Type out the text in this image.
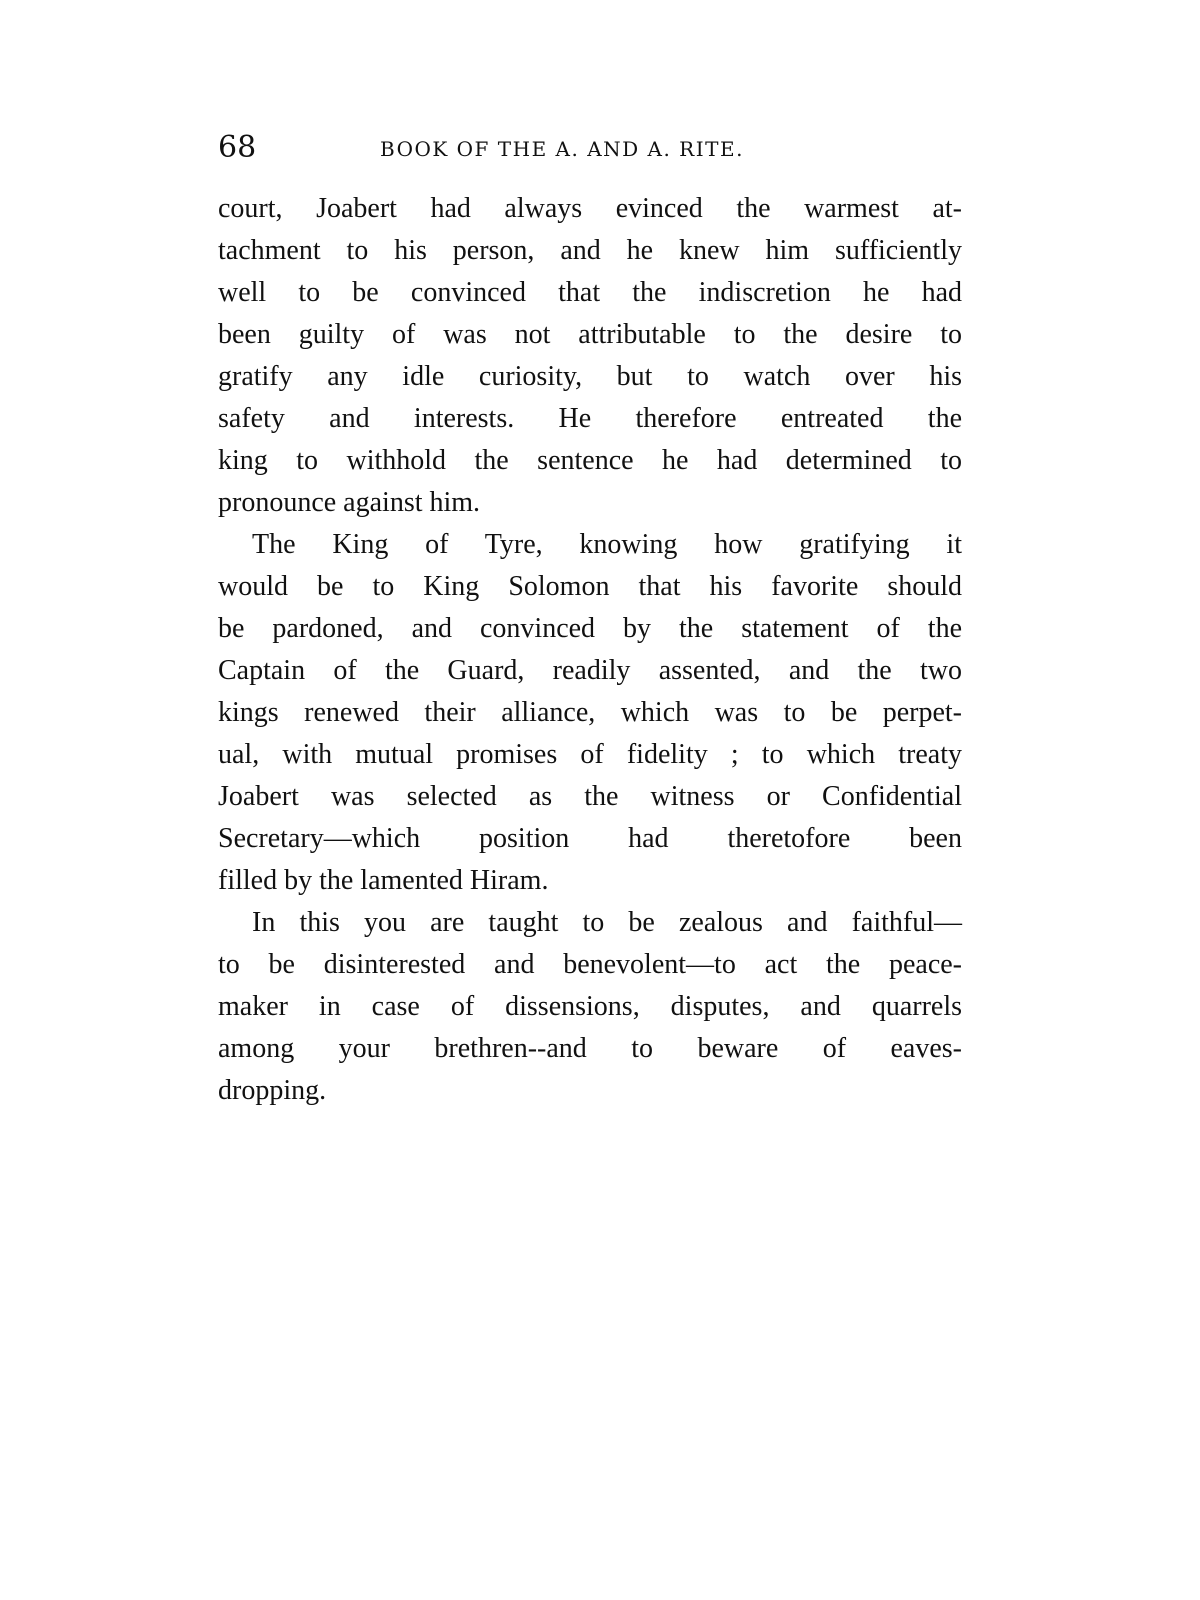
68	BOOK OF THE A. AND A. RITE.
court, Joabert had always evinced the warmest at-
tachment to his person, and he knew him sufficiently
well to be convinced that the indiscretion he had
been guilty of was not attributable to the desire to
gratify any idle curiosity, but to watch over his
safety and interests. He therefore entreated the
king to withhold the sentence he had determined to
pronounce against him.
The King of Tyre, knowing how gratifying it
would be to King Solomon that his favorite should
be pardoned, and convinced by the statement of the
Captain of the Guard, readily assented, and the two
kings renewed their alliance, which was to be perpet-
ual, with mutual promises of fidelity ; to which treaty
Joabert was selected as the witness or Confidential
Secretary—which position had theretofore been
filled by the lamented Hiram.
In this you are taught to be zealous and faithful—
to be disinterested and benevolent—to act the peace-
maker in case of dissensions, disputes, and quarrels
among your brethren--and to beware of eaves-
dropping.
